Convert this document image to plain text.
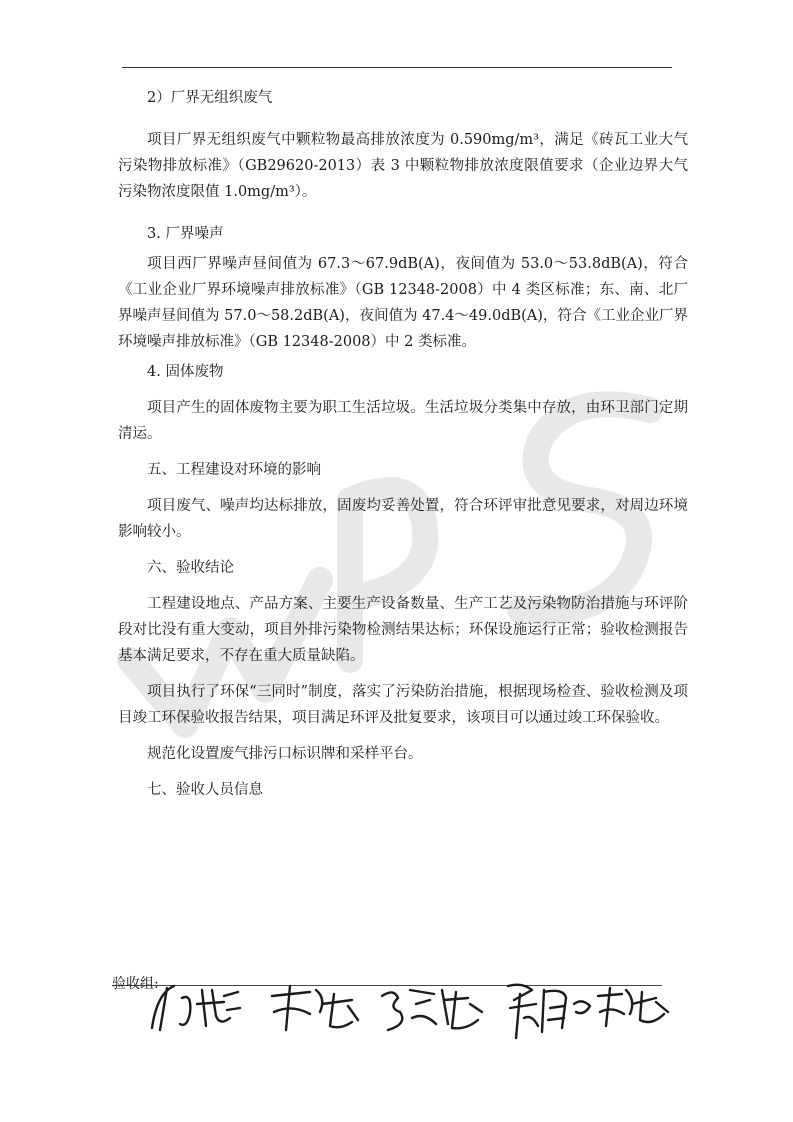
2）厂界无组织废气

项目厂界无组织废气中颗粒物最高排放浓度为 0.590mg/m³，满足《砖瓦工业大气污染物排放标准》（GB29620-2013）表 3 中颗粒物排放浓度限值要求（企业边界大气污染物浓度限值 1.0mg/m³）。

3. 厂界噪声

项目西厂界噪声昼间值为 67.3～67.9dB(A)，夜间值为 53.0～53.8dB(A)，符合《工业企业厂界环境噪声排放标准》（GB 12348-2008）中 4 类区标准；东、南、北厂界噪声昼间值为 57.0～58.2dB(A)，夜间值为 47.4～49.0dB(A)，符合《工业企业厂界环境噪声排放标准》（GB 12348-2008）中 2 类标准。

4. 固体废物

项目产生的固体废物主要为职工生活垃圾。生活垃圾分类集中存放，由环卫部门定期清运。

五、工程建设对环境的影响

项目废气、噪声均达标排放，固废均妥善处置，符合环评审批意见要求，对周边环境影响较小。

六、验收结论

工程建设地点、产品方案、主要生产设备数量、生产工艺及污染物防治措施与环评阶段对比没有重大变动，项目外排污染物检测结果达标；环保设施运行正常；验收检测报告基本满足要求，不存在重大质量缺陷。

项目执行了环保“三同时”制度，落实了污染防治措施，根据现场检查、验收检测及项目竣工环保验收报告结果，项目满足环评及批复要求，该项目可以通过竣工环保验收。

规范化设置废气排污口标识牌和采样平台。

七、验收人员信息

验收组:
